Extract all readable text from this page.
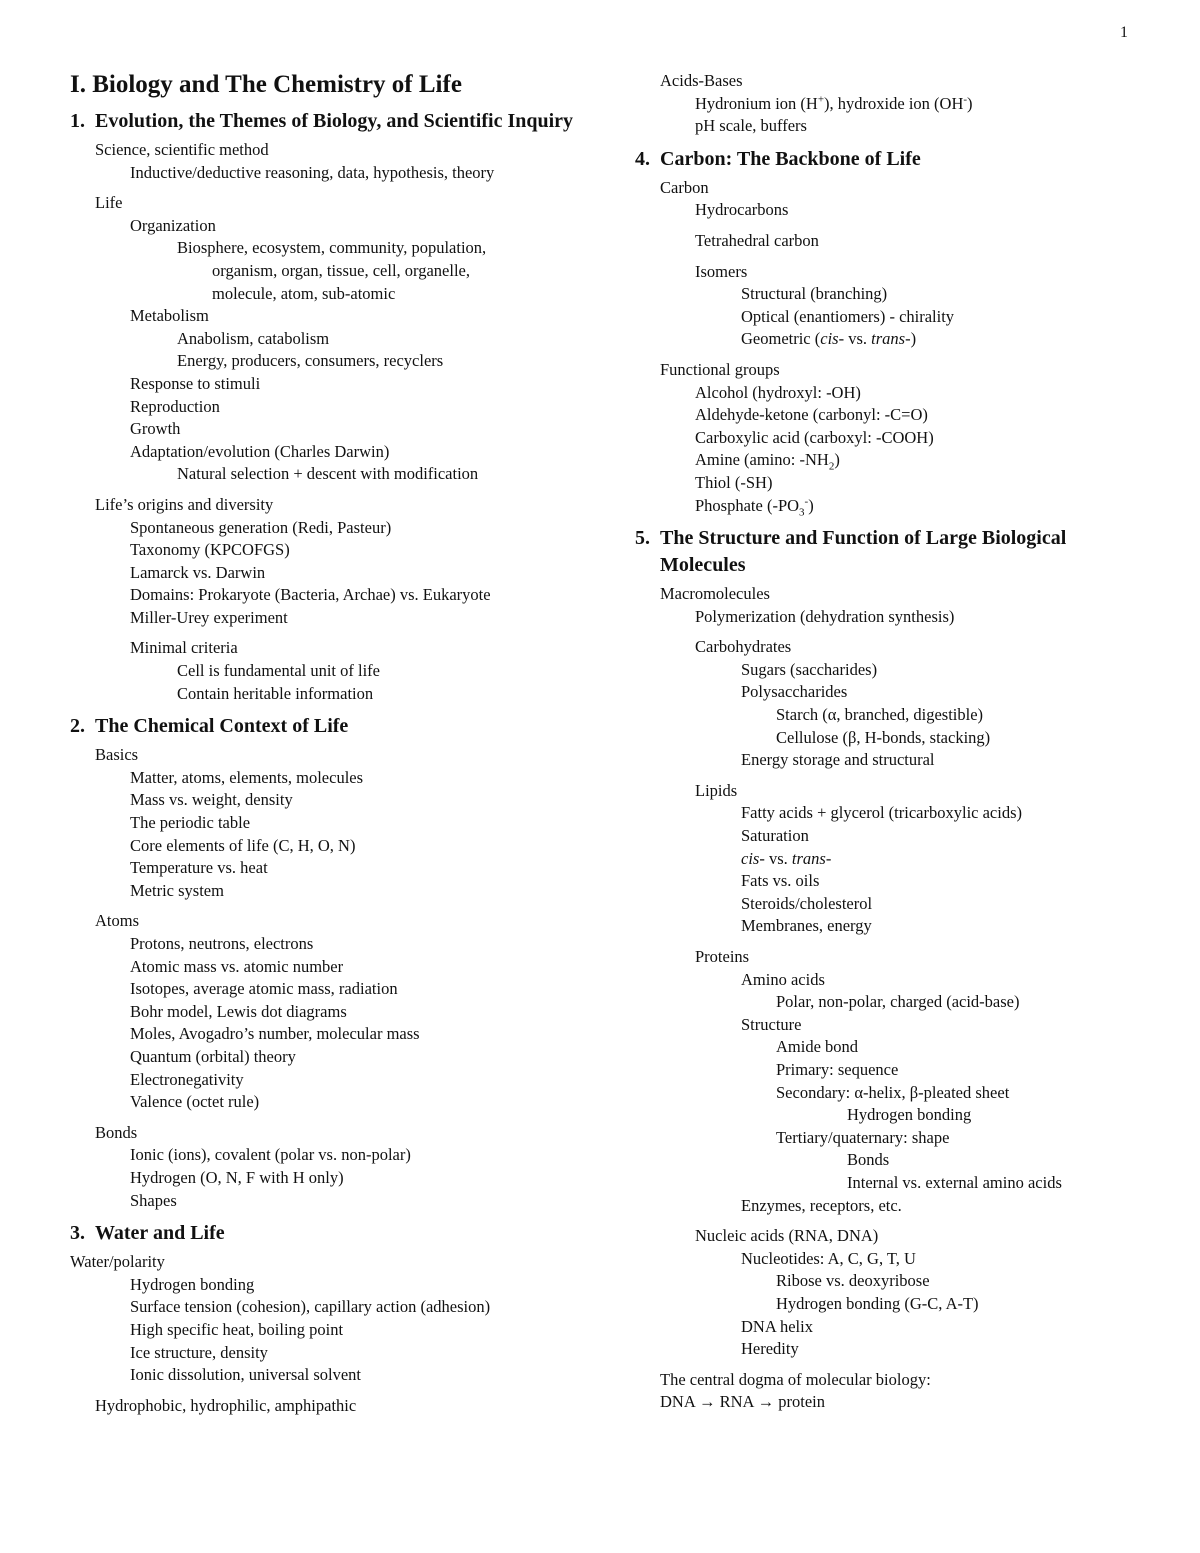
1
I. Biology and The Chemistry of Life
1. Evolution, the Themes of Biology, and Scientific Inquiry
Science, scientific method
Inductive/deductive reasoning, data, hypothesis, theory
Life
Organization
Biosphere, ecosystem, community, population,
organism, organ, tissue, cell, organelle,
molecule, atom, sub-atomic
Metabolism
Anabolism, catabolism
Energy, producers, consumers, recyclers
Response to stimuli
Reproduction
Growth
Adaptation/evolution (Charles Darwin)
Natural selection + descent with modification
Life’s origins and diversity
Spontaneous generation (Redi, Pasteur)
Taxonomy (KPCOFGS)
Lamarck vs. Darwin
Domains: Prokaryote (Bacteria, Archae) vs. Eukaryote
Miller-Urey experiment
Minimal criteria
Cell is fundamental unit of life
Contain heritable information
2. The Chemical Context of Life
Basics
Matter, atoms, elements, molecules
Mass vs. weight, density
The periodic table
Core elements of life (C, H, O, N)
Temperature vs. heat
Metric system
Atoms
Protons, neutrons, electrons
Atomic mass vs. atomic number
Isotopes, average atomic mass, radiation
Bohr model, Lewis dot diagrams
Moles, Avogadro’s number, molecular mass
Quantum (orbital) theory
Electronegativity
Valence (octet rule)
Bonds
Ionic (ions), covalent (polar vs. non-polar)
Hydrogen (O, N, F with H only)
Shapes
3. Water and Life
Water/polarity
Hydrogen bonding
Surface tension (cohesion), capillary action (adhesion)
High specific heat, boiling point
Ice structure, density
Ionic dissolution, universal solvent
Hydrophobic, hydrophilic, amphipathic
Acids-Bases
Hydronium ion (H+), hydroxide ion (OH-)
pH scale, buffers
4. Carbon: The Backbone of Life
Carbon
Hydrocarbons
Tetrahedral carbon
Isomers
Structural (branching)
Optical (enantiomers) - chirality
Geometric (cis- vs. trans-)
Functional groups
Alcohol (hydroxyl: -OH)
Aldehyde-ketone (carbonyl: -C=O)
Carboxylic acid (carboxyl: -COOH)
Amine (amino: $-NH_2$)
Thiol (-SH)
Phosphate $(-PO_3^-)$
5. The Structure and Function of Large Biological Molecules
Macromolecules
Polymerization (dehydration synthesis)
Carbohydrates
Sugars (saccharides)
Polysaccharides
Starch (α, branched, digestible)
Cellulose (β, H-bonds, stacking)
Energy storage and structural
Lipids
Fatty acids + glycerol (tricarboxylic acids)
Saturation
cis- vs. trans-
Fats vs. oils
Steroids/cholesterol
Membranes, energy
Proteins
Amino acids
Polar, non-polar, charged (acid-base)
Structure
Amide bond
Primary: sequence
Secondary: α-helix, β-pleated sheet
Hydrogen bonding
Tertiary/quaternary: shape
Bonds
Internal vs. external amino acids
Enzymes, receptors, etc.
Nucleic acids (RNA, DNA)
Nucleotides: A, C, G, T, U
Ribose vs. deoxyribose
Hydrogen bonding (G-C, A-T)
DNA helix
Heredity
The central dogma of molecular biology:
DNA → RNA → protein
